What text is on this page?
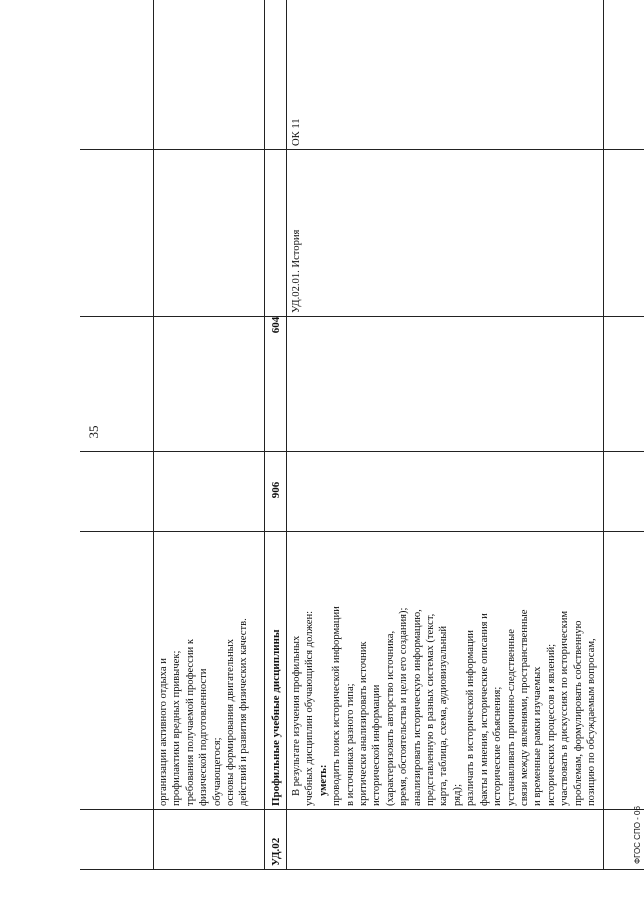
35
организации активного отдыха и профилактики вредных привычек; требования получаемой профессии к физической подготовленности обучающегося; основы формирования двигательных действий и развития физических качеств.
УД.02
Профильные учебные дисциплины
906
604
В результате изучения профильных учебных дисциплин обучающийся должен: уметь: проводить поиск исторической информации в источниках разного типа; критически анализировать источник исторической информации (характеризовать авторство источника, время, обстоятельства и цели его создания); анализировать историческую информацию, представленную в разных системах (текст, карта, таблица, схема, аудиовизуальный ряд); различать в исторической информации факты и мнения, исторические описания и исторические объяснения; устанавливать причинно-следственные связи между явлениями, пространственные и временные рамки изучаемых исторических процессов и явлений; участвовать в дискуссиях по историческим проблемам, формулировать собственную позицию по обсуждаемым вопросам,
УД.02.01. История
ОК 11
ФГОС СПО - 06
